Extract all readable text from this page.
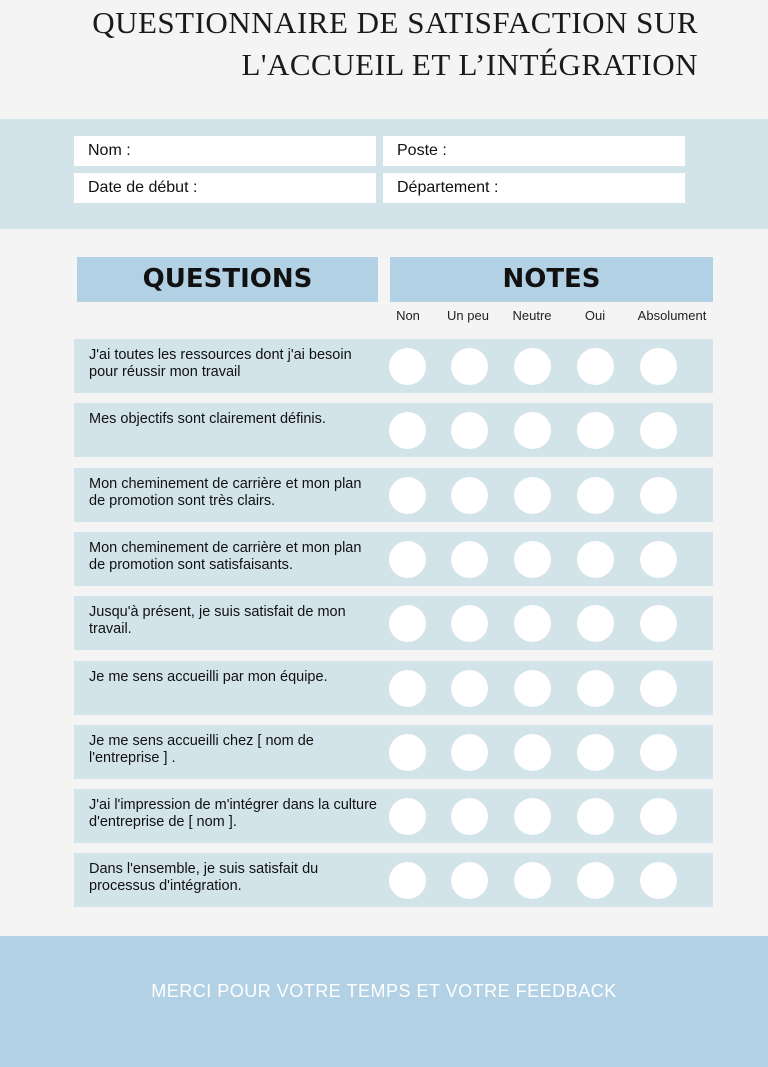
QUESTIONNAIRE DE SATISFACTION SUR
L'ACCUEIL ET L’INTÉGRATION
Nom :	Poste :
Date de début :	Département :
QUESTIONS	NOTES
Non	Un peu	Neutre	Oui	Absolument
J'ai toutes les ressources dont j'ai besoin pour réussir mon travail
Mes objectifs sont clairement définis.
Mon cheminement de carrière et mon plan de promotion sont très clairs.
Mon cheminement de carrière et mon plan de promotion sont satisfaisants.
Jusqu'à présent, je suis satisfait de mon travail.
Je me sens accueilli par mon équipe.
Je me sens accueilli chez [ nom de l'entreprise ] .
J'ai l'impression de m'intégrer dans la culture d'entreprise de [ nom ].
Dans l'ensemble, je suis satisfait du processus d'intégration.
MERCI POUR VOTRE TEMPS ET VOTRE FEEDBACK
